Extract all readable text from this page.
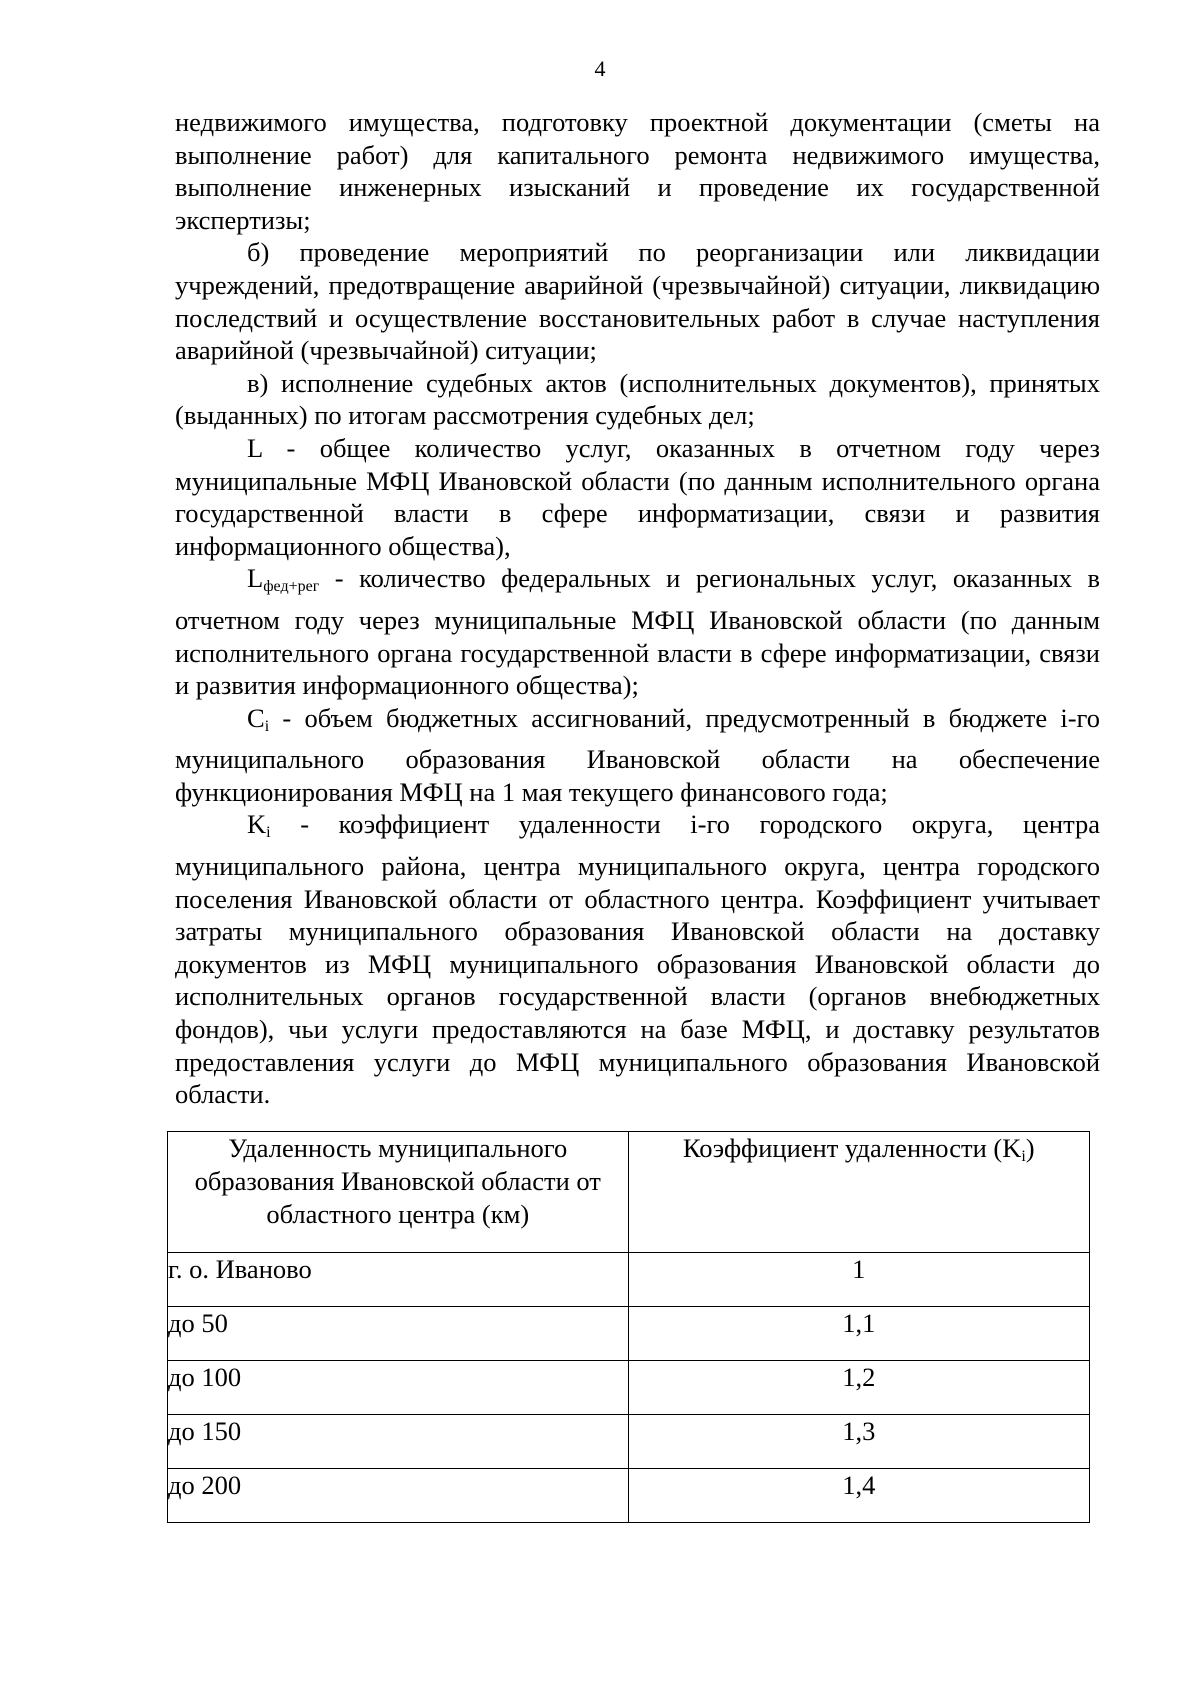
4

недвижимого имущества, подготовку проектной документации (сметы на выполнение работ) для капитального ремонта недвижимого имущества, выполнение инженерных изысканий и проведение их государственной экспертизы;

б) проведение мероприятий по реорганизации или ликвидации учреждений, предотвращение аварийной (чрезвычайной) ситуации, ликвидацию последствий и осуществление восстановительных работ в случае наступления аварийной (чрезвычайной) ситуации;

в) исполнение судебных актов (исполнительных документов), принятых (выданных) по итогам рассмотрения судебных дел;

L - общее количество услуг, оказанных в отчетном году через муниципальные МФЦ Ивановской области (по данным исполнительного органа государственной власти в сфере информатизации, связи и развития информационного общества),

$L_{фед+рег}$ - количество федеральных и региональных услуг, оказанных в отчетном году через муниципальные МФЦ Ивановской области (по данным исполнительного органа государственной власти в сфере информатизации, связи и развития информационного общества);

Ci - объем бюджетных ассигнований, предусмотренный в бюджете i-го муниципального образования Ивановской области на обеспечение функционирования МФЦ на 1 мая текущего финансового года;

Ki - коэффициент удаленности i-го городского округа, центра муниципального района, центра муниципального округа, центра городского поселения Ивановской области от областного центра. Коэффициент учитывает затраты муниципального образования Ивановской области на доставку документов из МФЦ муниципального образования Ивановской области до исполнительных органов государственной власти (органов внебюджетных фондов), чьи услуги предоставляются на базе МФЦ, и доставку результатов предоставления услуги до МФЦ муниципального образования Ивановской области.

Удаленность муниципального образования Ивановской области от областного центра (км)	Коэффициент удаленности (Ki)
г. о. Иваново	1
до 50	1,1
до 100	1,2
до 150	1,3
до 200	1,4
